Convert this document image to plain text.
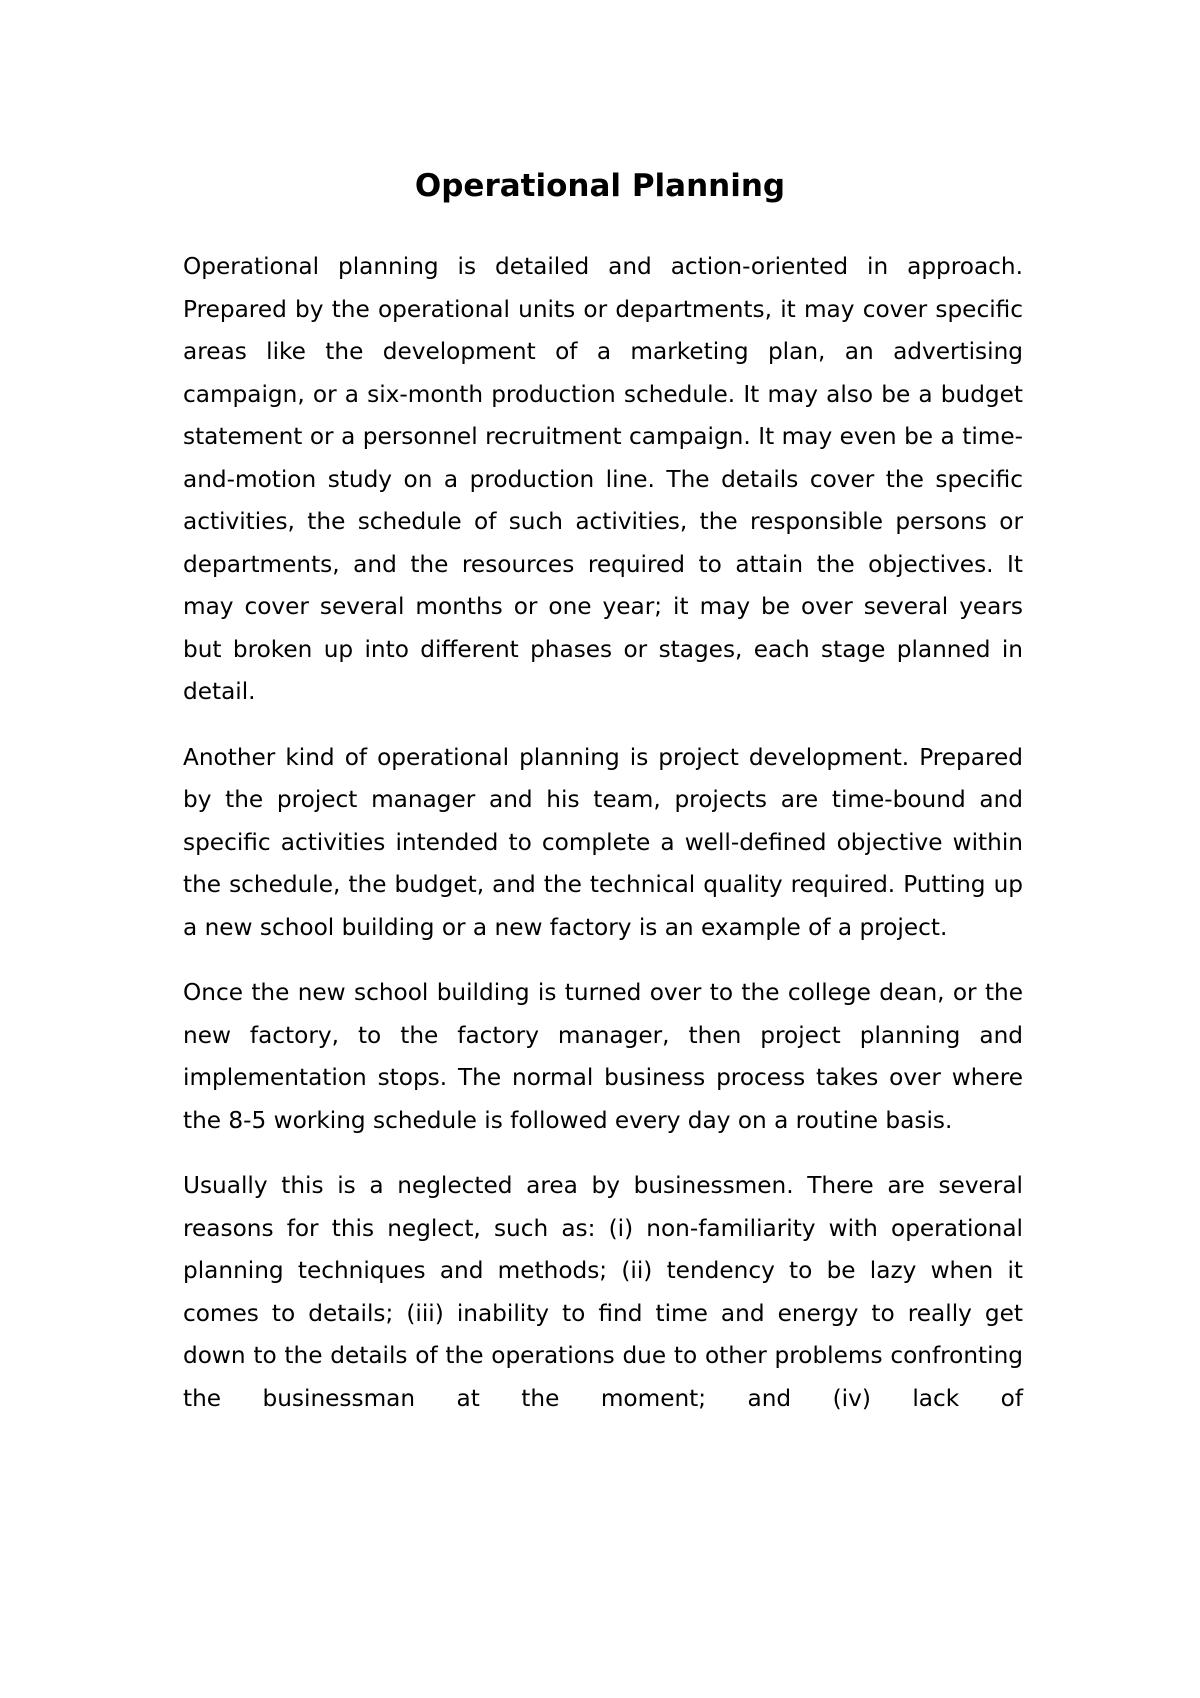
Operational Planning

Operational planning is detailed and action-oriented in approach. Prepared by the operational units or departments, it may cover specific areas like the development of a marketing plan, an advertising campaign, or a six-month production schedule. It may also be a budget statement or a personnel recruitment campaign. It may even be a time-and-motion study on a production line. The details cover the specific activities, the schedule of such activities, the responsible persons or departments, and the resources required to attain the objectives. It may cover several months or one year; it may be over several years but broken up into different phases or stages, each stage planned in detail.

Another kind of operational planning is project development. Prepared by the project manager and his team, projects are time-bound and specific activities intended to complete a well-defined objective within the schedule, the budget, and the technical quality required. Putting up a new school building or a new factory is an example of a project.

Once the new school building is turned over to the college dean, or the new factory, to the factory manager, then project planning and implementation stops. The normal business process takes over where the 8-5 working schedule is followed every day on a routine basis.

Usually this is a neglected area by businessmen. There are several reasons for this neglect, such as: (i) non-familiarity with operational planning techniques and methods; (ii) tendency to be lazy when it comes to details; (iii) inability to find time and energy to really get down to the details of the operations due to other problems confronting the businessman at the moment; and (iv) lack of
